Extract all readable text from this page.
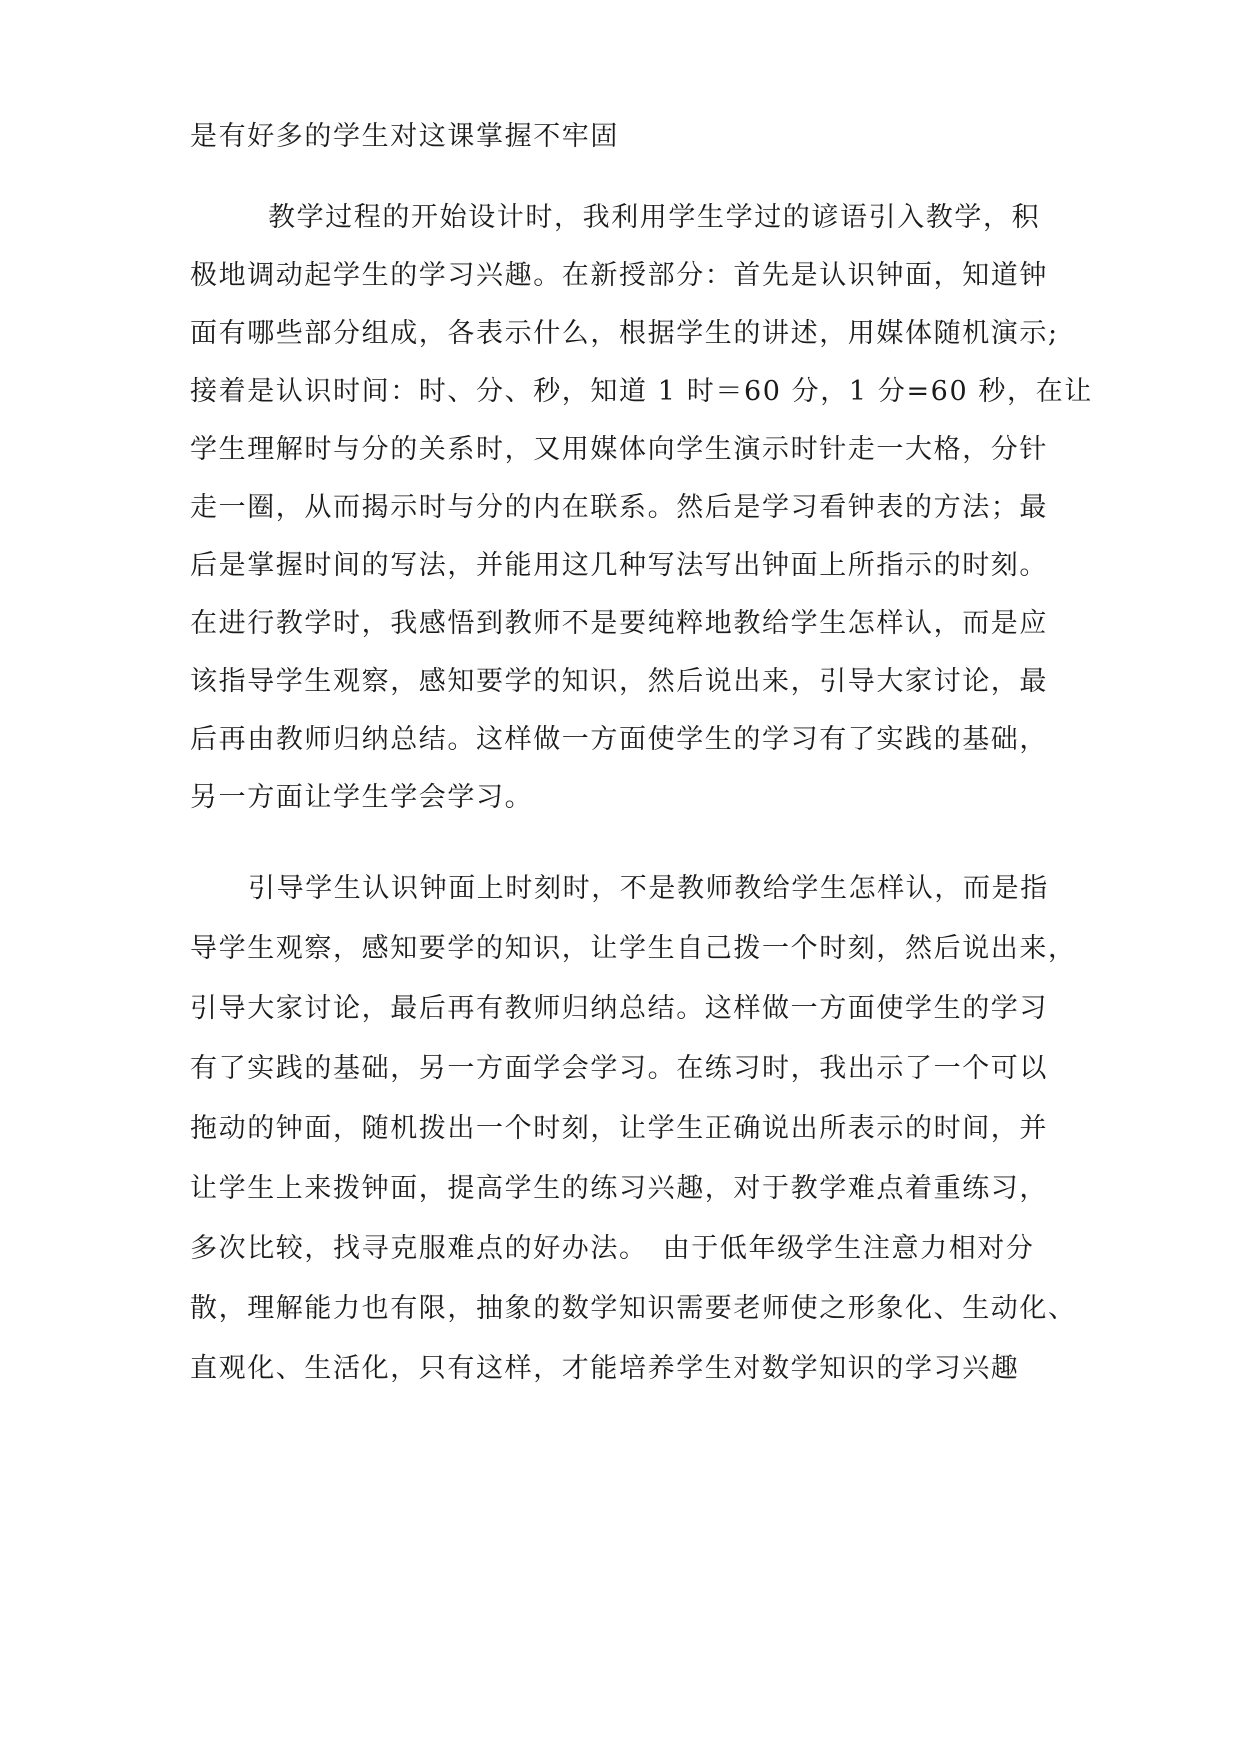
是有好多的学生对这课掌握不牢固
教学过程的开始设计时，我利用学生学过的谚语引入教学，积
极地调动起学生的学习兴趣。在新授部分：首先是认识钟面，知道钟
面有哪些部分组成，各表示什么，根据学生的讲述，用媒体随机演示;
接着是认识时间：时、分、秒，知道 1 时＝60 分，1 分=60 秒，在让
学生理解时与分的关系时，又用媒体向学生演示时针走一大格，分针
走一圈，从而揭示时与分的内在联系。然后是学习看钟表的方法；最
后是掌握时间的写法，并能用这几种写法写出钟面上所指示的时刻。
在进行教学时，我感悟到教师不是要纯粹地教给学生怎样认，而是应
该指导学生观察，感知要学的知识，然后说出来，引导大家讨论，最
后再由教师归纳总结。这样做一方面使学生的学习有了实践的基础，
另一方面让学生学会学习。
引导学生认识钟面上时刻时，不是教师教给学生怎样认，而是指
导学生观察，感知要学的知识，让学生自己拨一个时刻，然后说出来，
引导大家讨论，最后再有教师归纳总结。这样做一方面使学生的学习
有了实践的基础，另一方面学会学习。在练习时，我出示了一个可以
拖动的钟面，随机拨出一个时刻，让学生正确说出所表示的时间，并
让学生上来拨钟面，提高学生的练习兴趣，对于教学难点着重练习，
多次比较，找寻克服难点的好办法。　由于低年级学生注意力相对分
散，理解能力也有限，抽象的数学知识需要老师使之形象化、生动化、
直观化、生活化，只有这样，才能培养学生对数学知识的学习兴趣
